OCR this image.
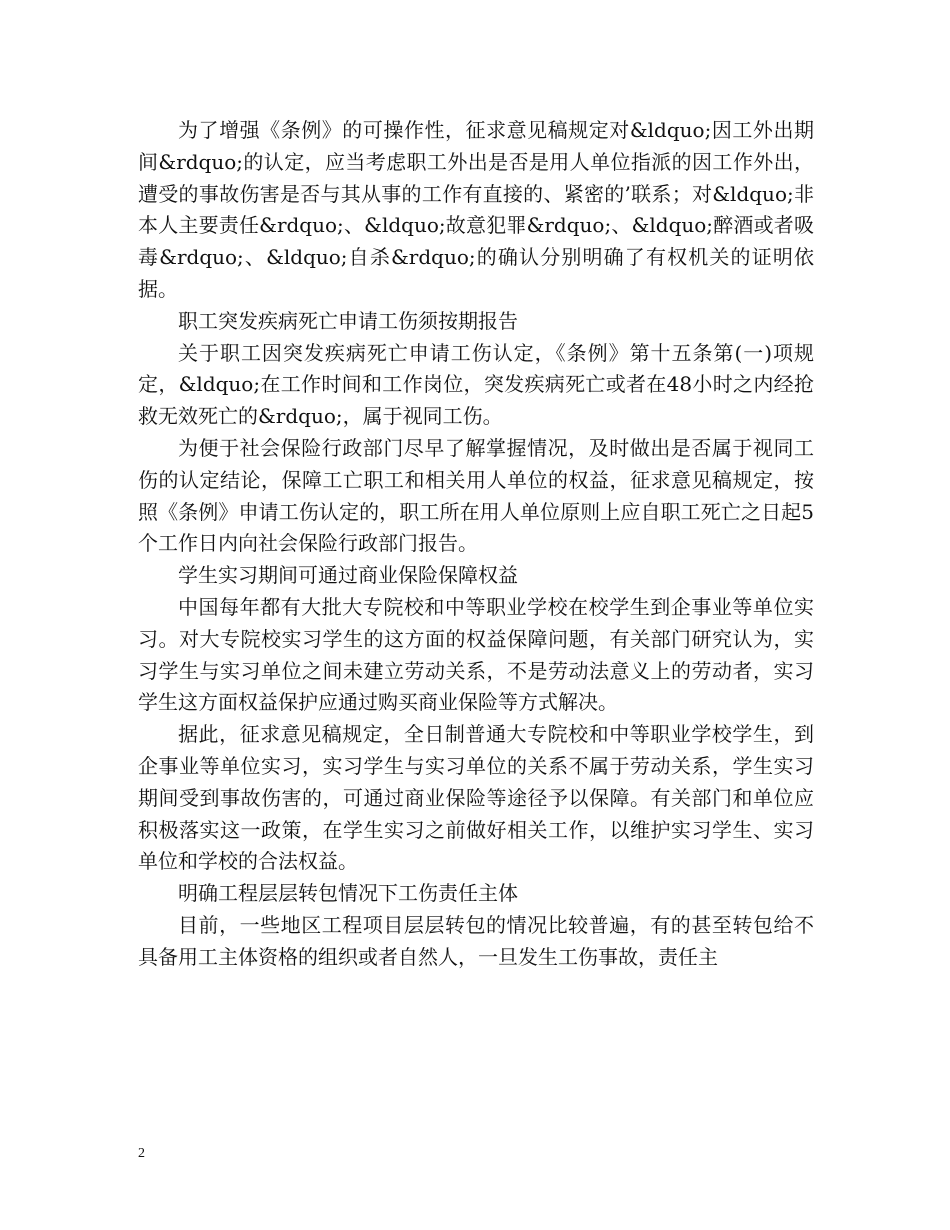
为了增强《条例》的可操作性，征求意见稿规定对&ldquo;因工外出期间&rdquo;的认定，应当考虑职工外出是否是用人单位指派的因工作外出，遭受的事故伤害是否与其从事的工作有直接的、紧密的’联系；对&ldquo;非本人主要责任&rdquo;、&ldquo;故意犯罪&rdquo;、&ldquo;醉酒或者吸毒&rdquo;、&ldquo;自杀&rdquo;的确认分别明确了有权机关的证明依据。

职工突发疾病死亡申请工伤须按期报告

关于职工因突发疾病死亡申请工伤认定，《条例》第十五条第(一)项规定，&ldquo;在工作时间和工作岗位，突发疾病死亡或者在48小时之内经抢救无效死亡的&rdquo;，属于视同工伤。

为便于社会保险行政部门尽早了解掌握情况，及时做出是否属于视同工伤的认定结论，保障工亡职工和相关用人单位的权益，征求意见稿规定，按照《条例》申请工伤认定的，职工所在用人单位原则上应自职工死亡之日起5个工作日内向社会保险行政部门报告。

学生实习期间可通过商业保险保障权益

中国每年都有大批大专院校和中等职业学校在校学生到企事业等单位实习。对大专院校实习学生的这方面的权益保障问题，有关部门研究认为，实习学生与实习单位之间未建立劳动关系，不是劳动法意义上的劳动者，实习学生这方面权益保护应通过购买商业保险等方式解决。

据此，征求意见稿规定，全日制普通大专院校和中等职业学校学生，到企事业等单位实习，实习学生与实习单位的关系不属于劳动关系，学生实习期间受到事故伤害的，可通过商业保险等途径予以保障。有关部门和单位应积极落实这一政策，在学生实习之前做好相关工作，以维护实习学生、实习单位和学校的合法权益。

明确工程层层转包情况下工伤责任主体

目前，一些地区工程项目层层转包的情况比较普遍，有的甚至转包给不具备用工主体资格的组织或者自然人，一旦发生工伤事故，责任主

2
